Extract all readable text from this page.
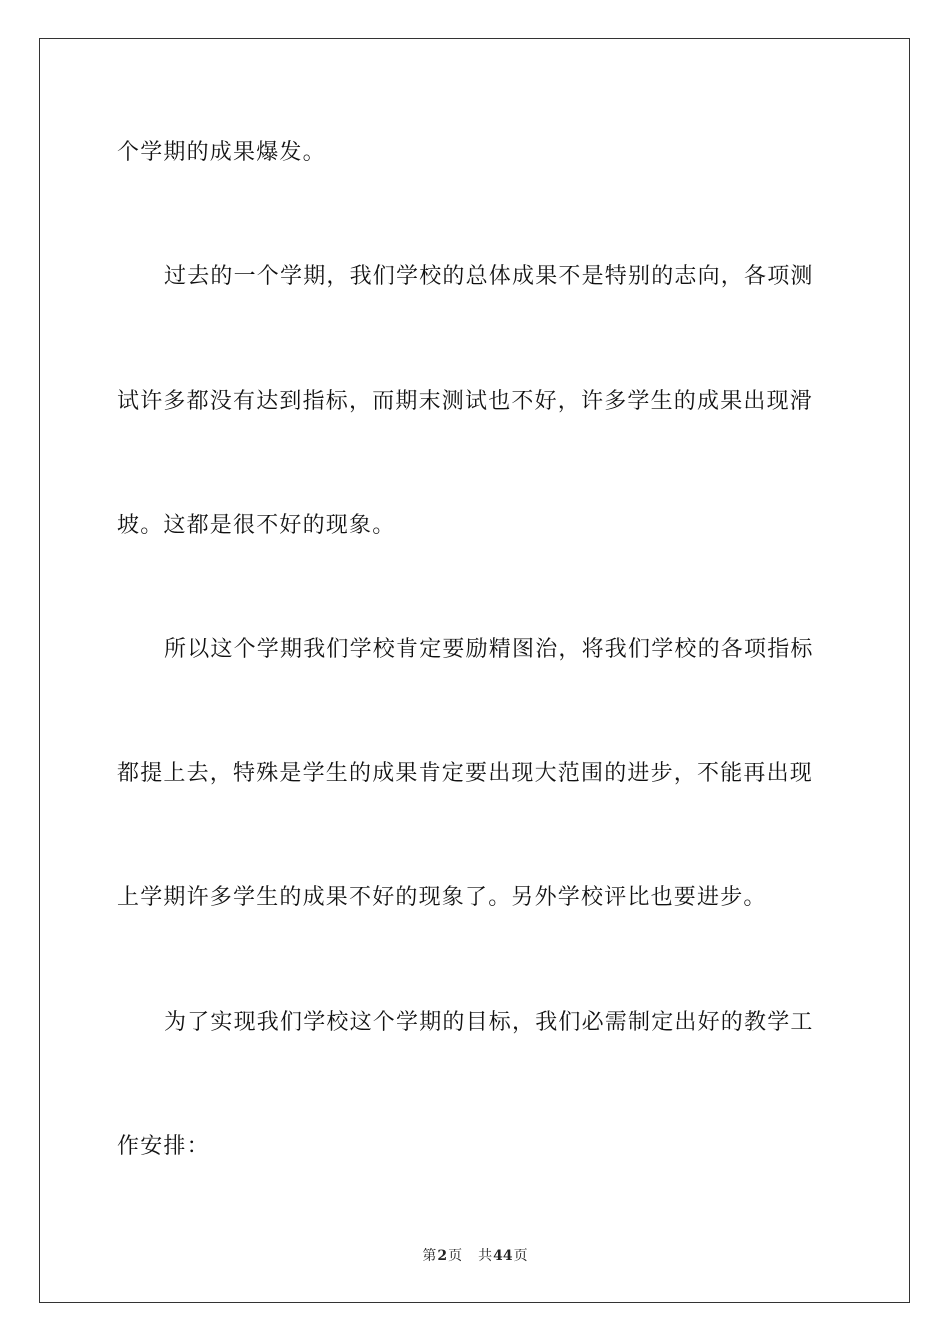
个学期的成果爆发。
过去的一个学期，我们学校的总体成果不是特别的志向，各项测
试许多都没有达到指标，而期末测试也不好，许多学生的成果出现滑
坡。这都是很不好的现象。
所以这个学期我们学校肯定要励精图治，将我们学校的各项指标
都提上去，特殊是学生的成果肯定要出现大范围的进步，不能再出现
上学期许多学生的成果不好的现象了。另外学校评比也要进步。
为了实现我们学校这个学期的目标，我们必需制定出好的教学工
作安排：
第2页 共44页
